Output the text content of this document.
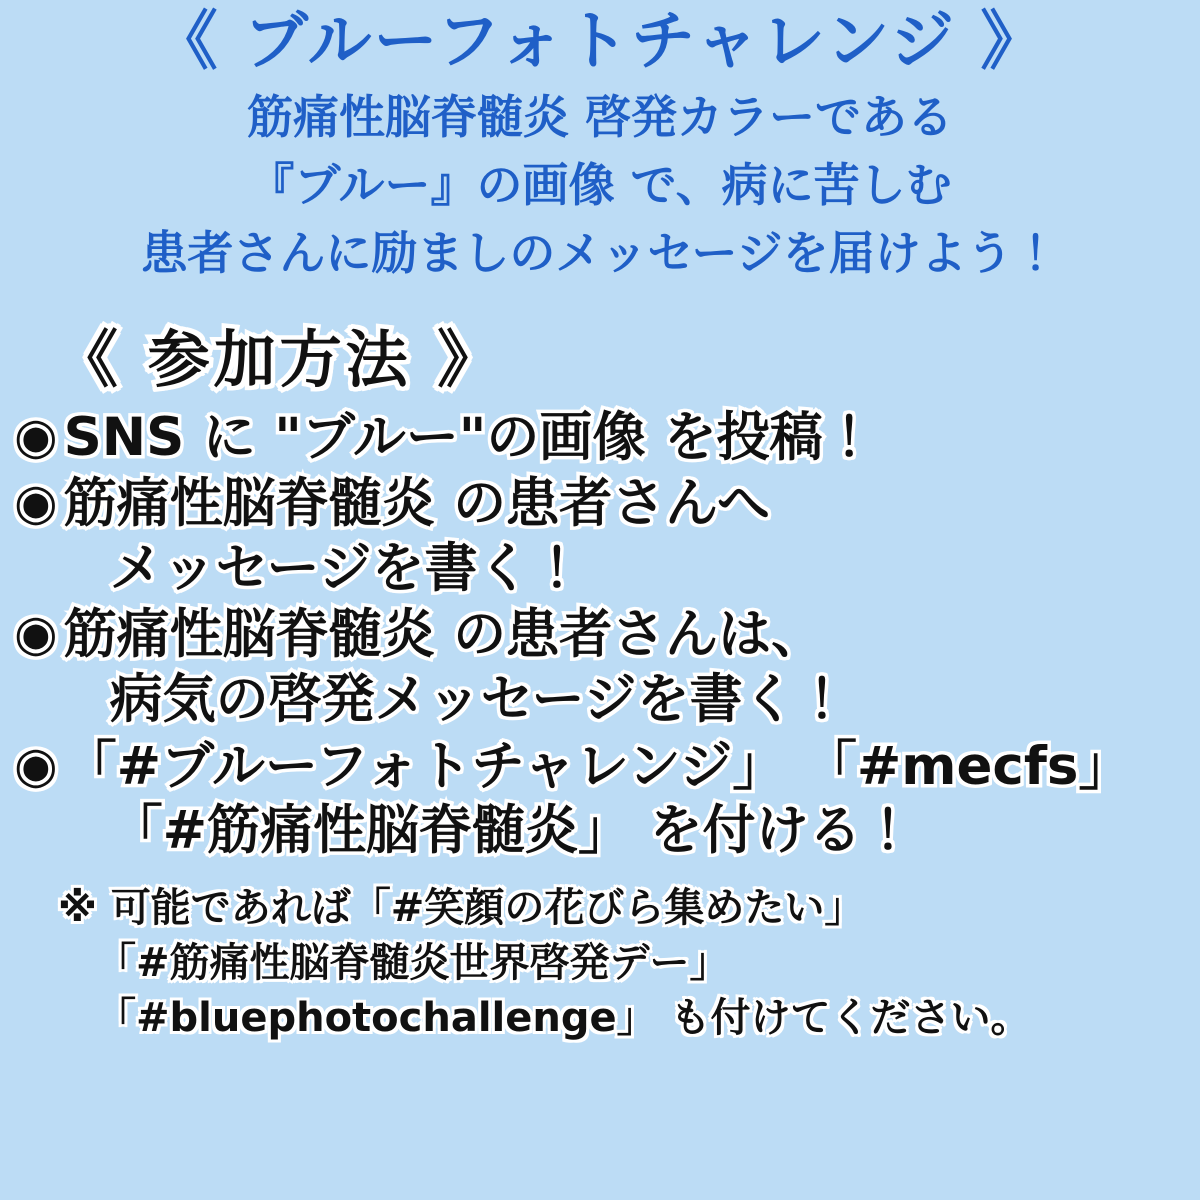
《 ブルーフォトチャレンジ 》
筋痛性脳脊髄炎 啓発カラーである
『ブルー』の画像 で、病に苦しむ
患者さんに励ましのメッセージを届けよう！
《 参加方法 》
◉ SNS に "ブルー"の画像 を投稿！
◉ 筋痛性脳脊髄炎 の患者さんへ
メッセージを書く！
◉ 筋痛性脳脊髄炎 の患者さんは、
病気の啓発メッセージを書く！
◉ 「#ブルーフォトチャレンジ」 「#mecfs」
「#筋痛性脳脊髄炎」 を付ける！
※ 可能であれば「#笑顔の花びら集めたい」
「#筋痛性脳脊髄炎世界啓発デー」
「#bluephotochallenge」 も付けてください。
